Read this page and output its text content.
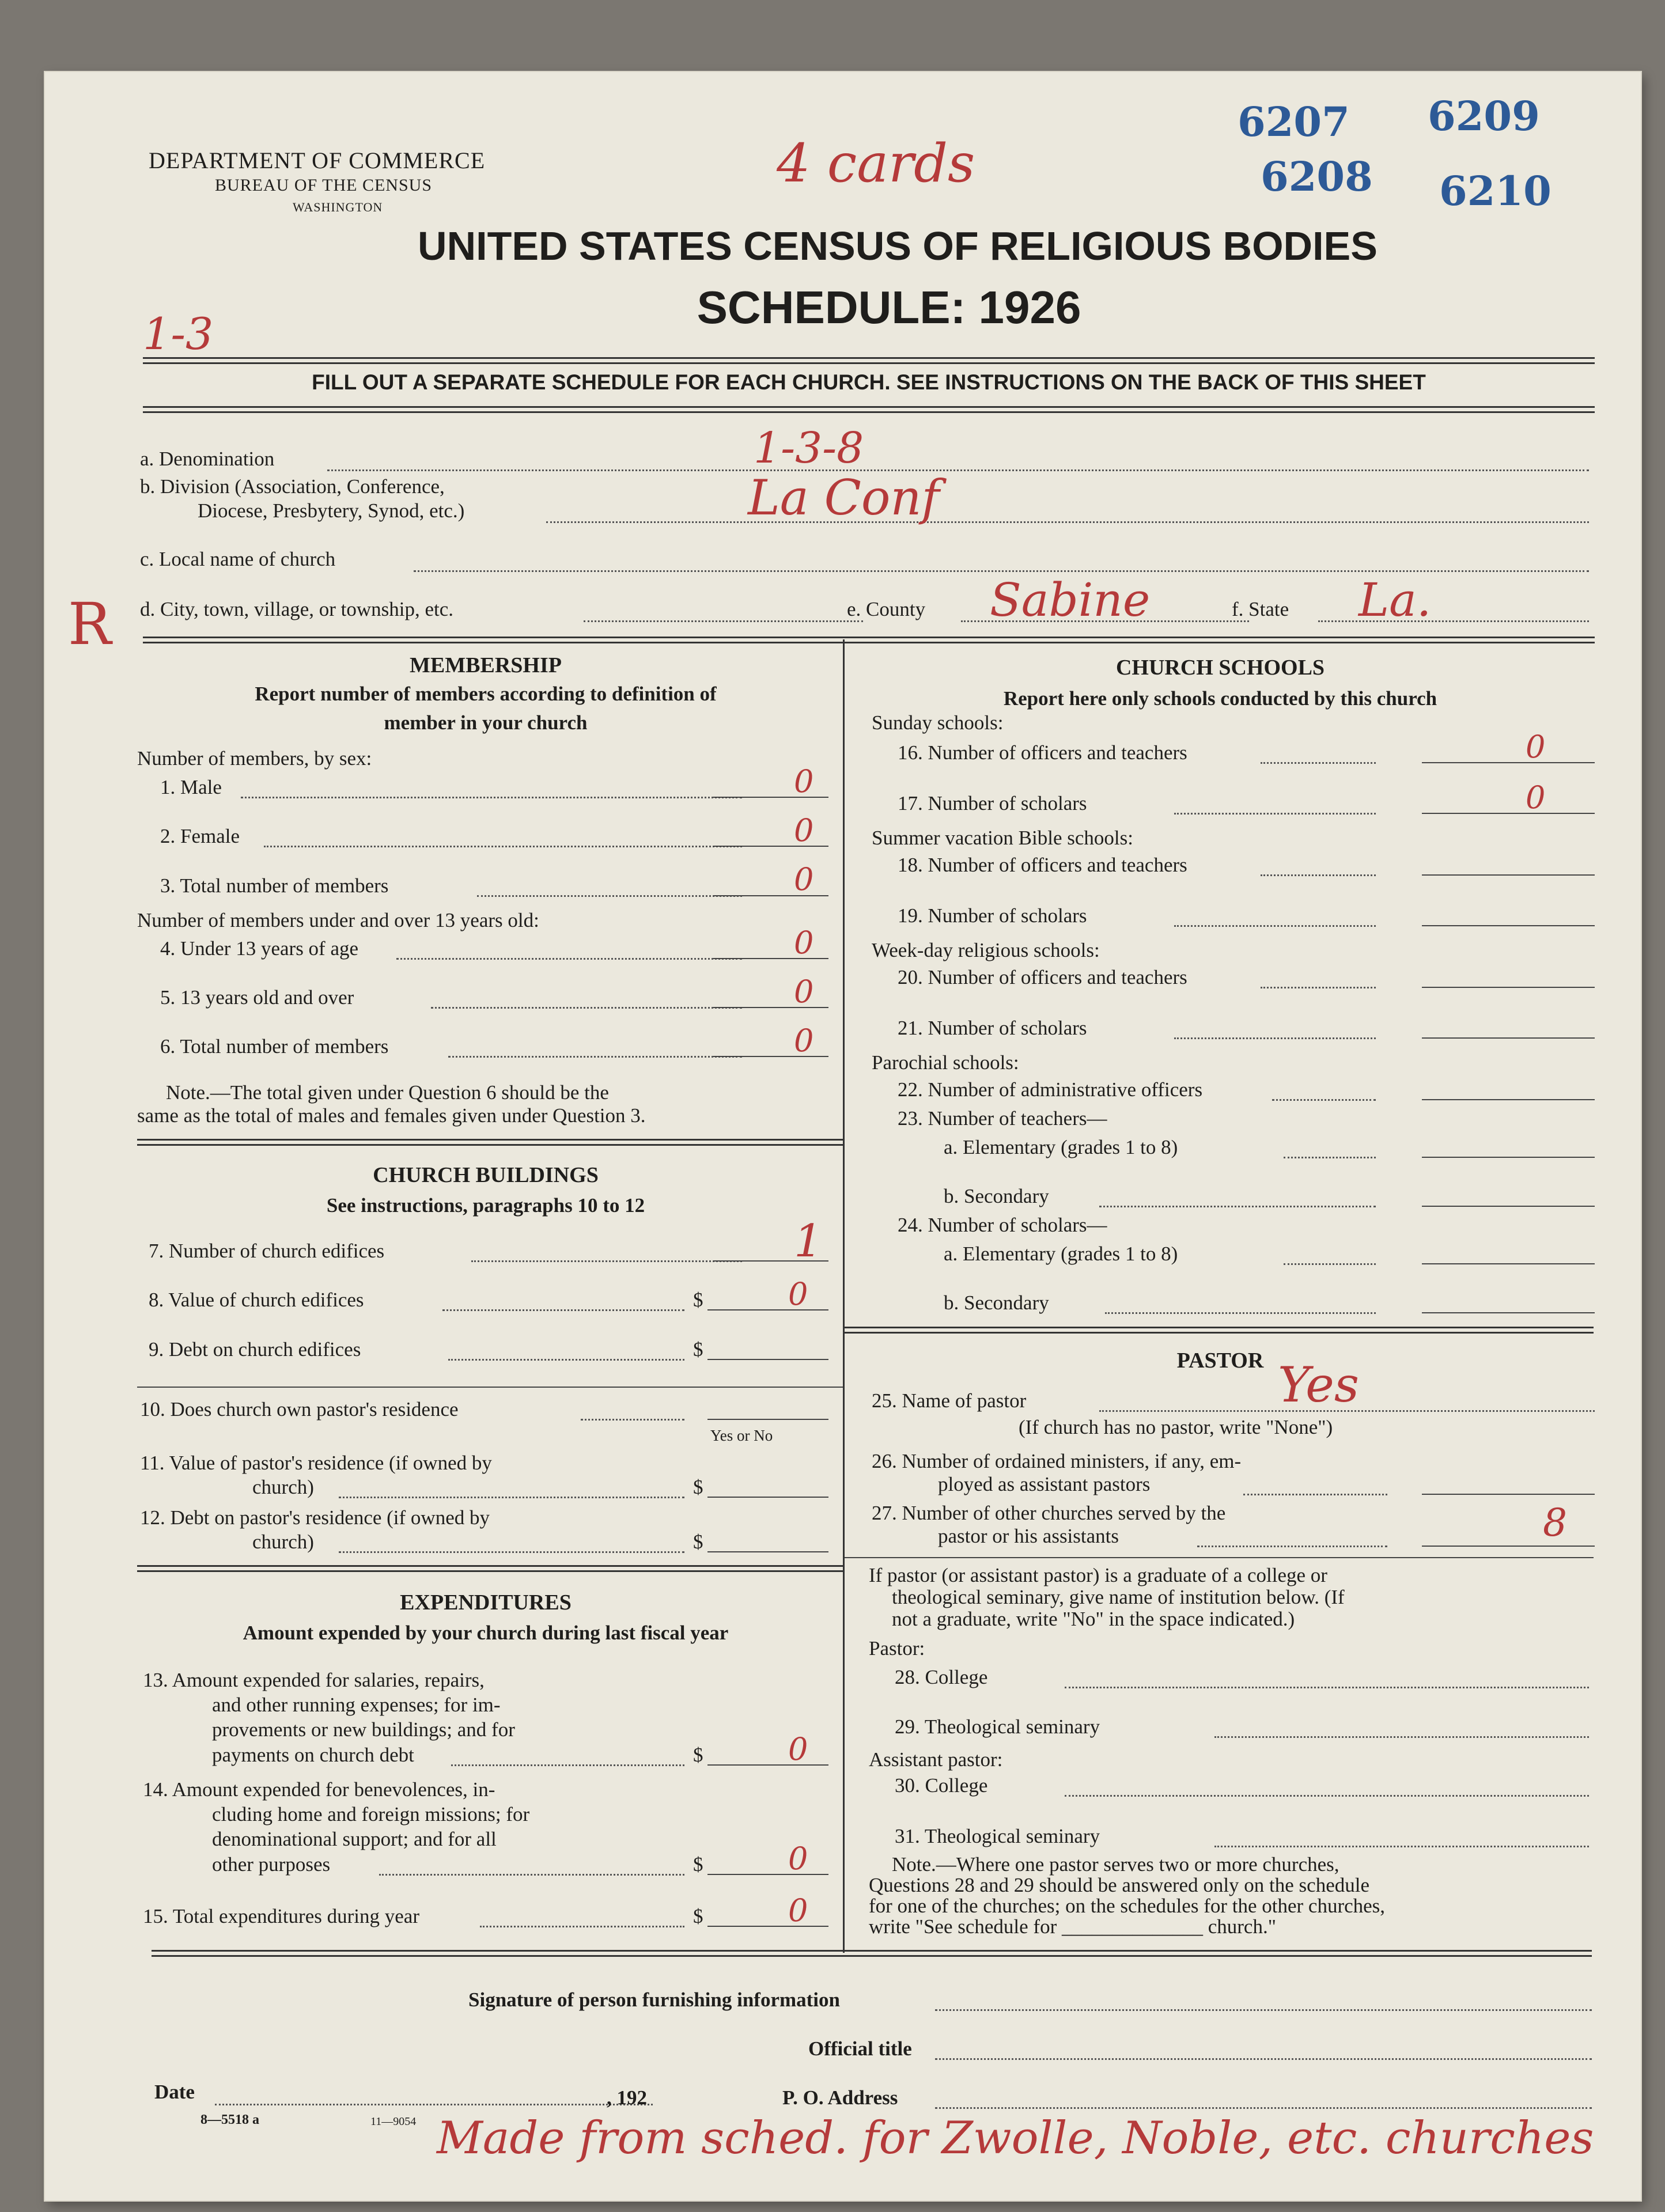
DEPARTMENT OF COMMERCE
BUREAU OF THE CENSUS
WASHINGTON
4 cards
6207 6209
6208 6210
UNITED STATES CENSUS OF RELIGIOUS BODIES
SCHEDULE: 1926
1-3
FILL OUT A SEPARATE SCHEDULE FOR EACH CHURCH. SEE INSTRUCTIONS ON THE BACK OF THIS SHEET
a. Denomination	1-3-8
b. Division (Association, Conference,
Diocese, Presbytery, Synod, etc.)	La Conf
c. Local name of church
R d. City, town, village, or township, etc.	e. County Sabine	f. State La.
MEMBERSHIP
Report number of members according to definition of
member in your church
Number of members, by sex:
1. Male	0
2. Female	0
3. Total number of members	0
Number of members under and over 13 years old:
4. Under 13 years of age	0
5. 13 years old and over	0
6. Total number of members	0
Note.—The total given under Question 6 should be the
same as the total of males and females given under Question 3.
CHURCH BUILDINGS
See instructions, paragraphs 10 to 12
7. Number of church edifices	1
8. Value of church edifices	$	0
9. Debt on church edifices	$
10. Does church own pastor's residence
Yes or No
11. Value of pastor's residence (if owned by
church)	$
12. Debt on pastor's residence (if owned by
church)	$
EXPENDITURES
Amount expended by your church during last fiscal year
13. Amount expended for salaries, repairs,
and other running expenses; for im-
provements or new buildings; and for
payments on church debt	$	0
14. Amount expended for benevolences, in-
cluding home and foreign missions; for
denominational support; and for all
other purposes	$	0
15. Total expenditures during year	$	0
CHURCH SCHOOLS
Report here only schools conducted by this church
Sunday schools:
16. Number of officers and teachers	0
17. Number of scholars	0
Summer vacation Bible schools:
18. Number of officers and teachers
19. Number of scholars
Week-day religious schools:
20. Number of officers and teachers
21. Number of scholars
Parochial schools:
22. Number of administrative officers
23. Number of teachers—
a. Elementary (grades 1 to 8)
b. Secondary
24. Number of scholars—
a. Elementary (grades 1 to 8)
b. Secondary
PASTOR
25. Name of pastor	Yes
(If church has no pastor, write "None")
26. Number of ordained ministers, if any, em-
ployed as assistant pastors
27. Number of other churches served by the
pastor or his assistants	8
If pastor (or assistant pastor) is a graduate of a college or
theological seminary, give name of institution below. (If
not a graduate, write "No" in the space indicated.)
Pastor:
28. College
29. Theological seminary
Assistant pastor:
30. College
31. Theological seminary
Note.—Where one pastor serves two or more churches,
Questions 28 and 29 should be answered only on the schedule
for one of the churches; on the schedules for the other churches,
write "See schedule for ______________ church."
Signature of person furnishing information
Official title
Date	, 192	P. O. Address
8—5518 a	11—9054 Made from sched. for Zwolle, Noble, etc. churches
